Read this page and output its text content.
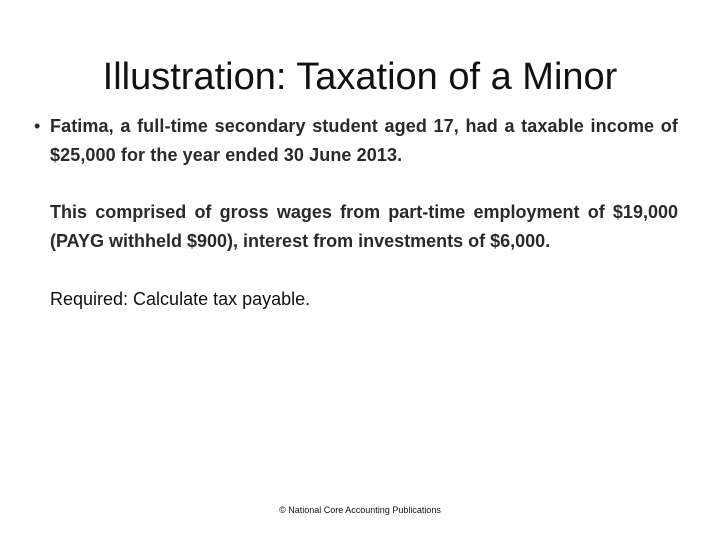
Illustration: Taxation of a Minor
• Fatima, a full-time secondary student aged 17, had a taxable income of $25,000 for the year ended 30 June 2013.

This comprised of gross wages from part-time employment of $19,000 (PAYG withheld $900), interest from investments of $6,000.

Required: Calculate tax payable.

© National Core Accounting Publications
